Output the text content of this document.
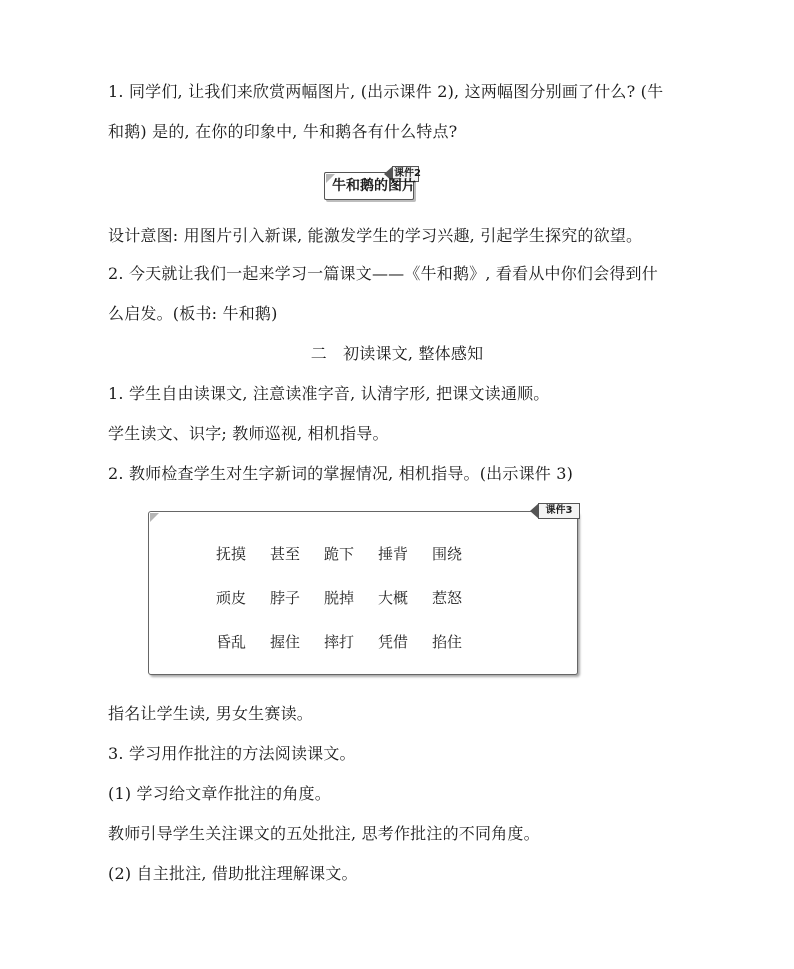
1. 同学们, 让我们来欣赏两幅图片, (出示课件 2), 这两幅图分别画了什么? (牛

和鹅) 是的, 在你的印象中, 牛和鹅各有什么特点?

课件2
牛和鹅的图片

设计意图: 用图片引入新课, 能激发学生的学习兴趣, 引起学生探究的欲望。

2. 今天就让我们一起来学习一篇课文——《牛和鹅》, 看看从中你们会得到什

么启发。(板书: 牛和鹅)

二　初读课文, 整体感知

1. 学生自由读课文, 注意读准字音, 认清字形, 把课文读通顺。

学生读文、识字; 教师巡视, 相机指导。

2. 教师检查学生对生字新词的掌握情况, 相机指导。(出示课件 3)

课件3
抚摸	甚至	跪下	捶背	围绕
顽皮	脖子	脱掉	大概	惹怒
昏乱	握住	摔打	凭借	掐住

指名让学生读, 男女生赛读。

3. 学习用作批注的方法阅读课文。

(1) 学习给文章作批注的角度。

教师引导学生关注课文的五处批注, 思考作批注的不同角度。

(2) 自主批注, 借助批注理解课文。
